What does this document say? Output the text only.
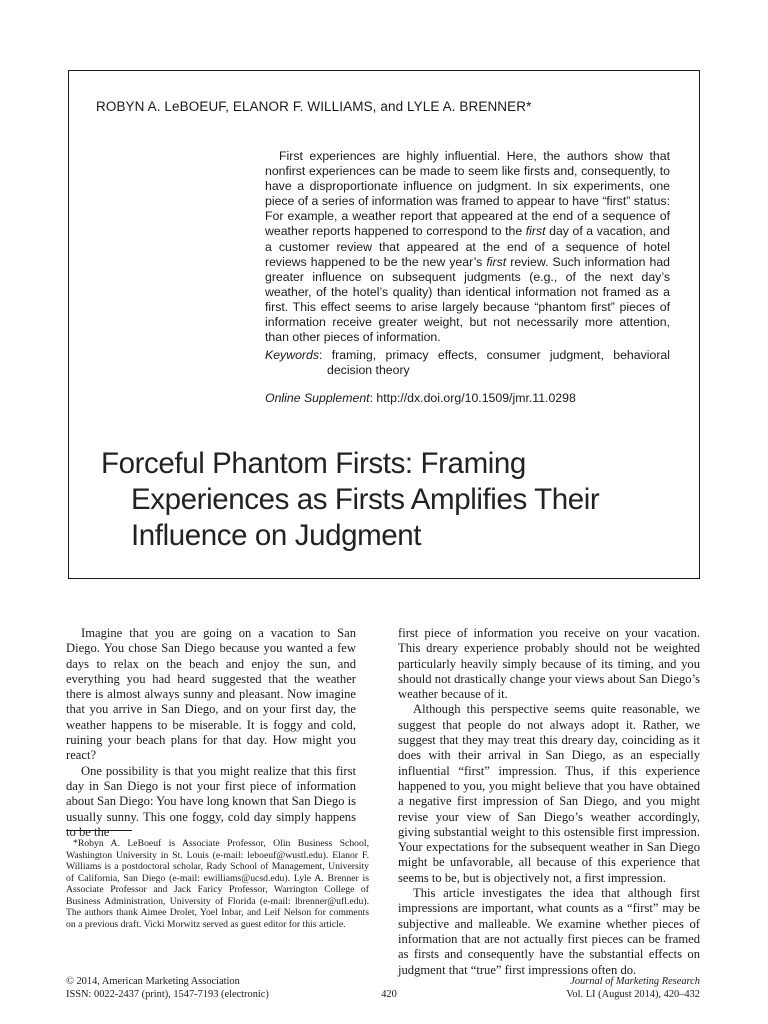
ROBYN A. LeBOEUF, ELANOR F. WILLIAMS, and LYLE A. BRENNER*

First experiences are highly influential. Here, the authors show that nonfirst experiences can be made to seem like firsts and, consequently, to have a disproportionate influence on judgment. In six experiments, one piece of a series of information was framed to appear to have “first” status: For example, a weather report that appeared at the end of a sequence of weather reports happened to correspond to the first day of a vacation, and a customer review that appeared at the end of a sequence of hotel reviews happened to be the new year’s first review. Such information had greater influence on subsequent judgments (e.g., of the next day’s weather, of the hotel’s quality) than identical information not framed as a first. This effect seems to arise largely because “phantom first” pieces of information receive greater weight, but not necessarily more attention, than other pieces of information.

Keywords: framing, primacy effects, consumer judgment, behavioral decision theory
Online Supplement: http://dx.doi.org/10.1509/jmr.11.0298
Forceful Phantom Firsts: Framing Experiences as Firsts Amplifies Their Influence on Judgment

Imagine that you are going on a vacation to San Diego. You chose San Diego because you wanted a few days to relax on the beach and enjoy the sun, and everything you had heard suggested that the weather there is almost always sunny and pleasant. Now imagine that you arrive in San Diego, and on your first day, the weather happens to be miserable. It is foggy and cold, ruining your beach plans for that day. How might you react?

One possibility is that you might realize that this first day in San Diego is not your first piece of information about San Diego: You have long known that San Diego is usually sunny. This one foggy, cold day simply happens to be the

first piece of information you receive on your vacation. This dreary experience probably should not be weighted particularly heavily simply because of its timing, and you should not drastically change your views about San Diego’s weather because of it.

Although this perspective seems quite reasonable, we suggest that people do not always adopt it. Rather, we suggest that they may treat this dreary day, coinciding as it does with their arrival in San Diego, as an especially influential “first” impression. Thus, if this experience happened to you, you might believe that you have obtained a negative first impression of San Diego, and you might revise your view of San Diego’s weather accordingly, giving substantial weight to this ostensible first impression. Your expectations for the subsequent weather in San Diego might be unfavorable, all because of this experience that seems to be, but is objectively not, a first impression.

This article investigates the idea that although first impressions are important, what counts as a “first” may be subjective and malleable. We examine whether pieces of information that are not actually first pieces can be framed as firsts and consequently have the substantial effects on judgment that “true” first impressions often do.

*Robyn A. LeBoeuf is Associate Professor, Olin Business School, Washington University in St. Louis (e-mail: leboeuf@wustl.edu). Elanor F. Williams is a postdoctoral scholar, Rady School of Management, University of California, San Diego (e-mail: ewilliams@ucsd.edu). Lyle A. Brenner is Associate Professor and Jack Faricy Professor, Warrington College of Business Administration, University of Florida (e-mail: lbrenner@ufl.edu). The authors thank Aimee Drolet, Yoel Inbar, and Leif Nelson for comments on a previous draft. Vicki Morwitz served as guest editor for this article.

© 2014, American Marketing Association
ISSN: 0022-2437 (print), 1547-7193 (electronic)	420
Journal of Marketing Research
Vol. LI (August 2014), 420–432
